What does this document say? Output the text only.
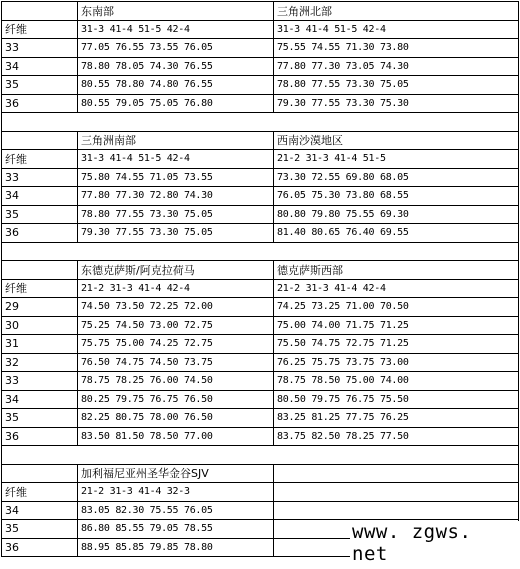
	东南部	三角洲北部
纤维	31-3 41-4 51-5 42-4	31-3 41-4 51-5 42-4
33	77.05 76.55 73.55 76.05	75.55 74.55 71.30 73.80
34	78.80 78.05 74.30 76.55	77.80 77.30 73.05 74.30
35	80.55 78.80 74.80 76.55	78.80 77.55 73.30 75.05
36	80.55 79.05 75.05 76.80	79.30 77.55 73.30 75.30

	三角洲南部	西南沙漠地区
纤维	31-3 41-4 51-5 42-4	21-2 31-3 41-4 51-5
33	75.80 74.55 71.05 73.55	73.30 72.55 69.80 68.05
34	77.80 77.30 72.80 74.30	76.05 75.30 73.80 68.55
35	78.80 77.55 73.30 75.05	80.80 79.80 75.55 69.30
36	79.30 77.55 73.30 75.05	81.40 80.65 76.40 69.55

	东德克萨斯/阿克拉荷马	德克萨斯西部
纤维	21-2 31-3 41-4 42-4	21-2 31-3 41-4 42-4
29	74.50 73.50 72.25 72.00	74.25 73.25 71.00 70.50
30	75.25 74.50 73.00 72.75	75.00 74.00 71.75 71.25
31	75.75 75.00 74.25 72.75	75.50 74.75 72.75 71.25
32	76.50 74.75 74.50 73.75	76.25 75.75 73.75 73.00
33	78.75 78.25 76.00 74.50	78.75 78.50 75.00 74.00
34	80.25 79.75 76.75 76.50	80.50 79.75 76.75 75.50
35	82.25 80.75 78.00 76.50	83.25 81.25 77.75 76.25
36	83.50 81.50 78.50 77.00	83.75 82.50 78.25 77.50

	加利福尼亚州圣华金谷SJV	
纤维	21-2 31-3 41-4 32-3	
34	83.05 82.30 75.55 76.05	
35	86.80 85.55 79.05 78.55	
36	88.95 85.85 79.85 78.80	
www. zgws. net
